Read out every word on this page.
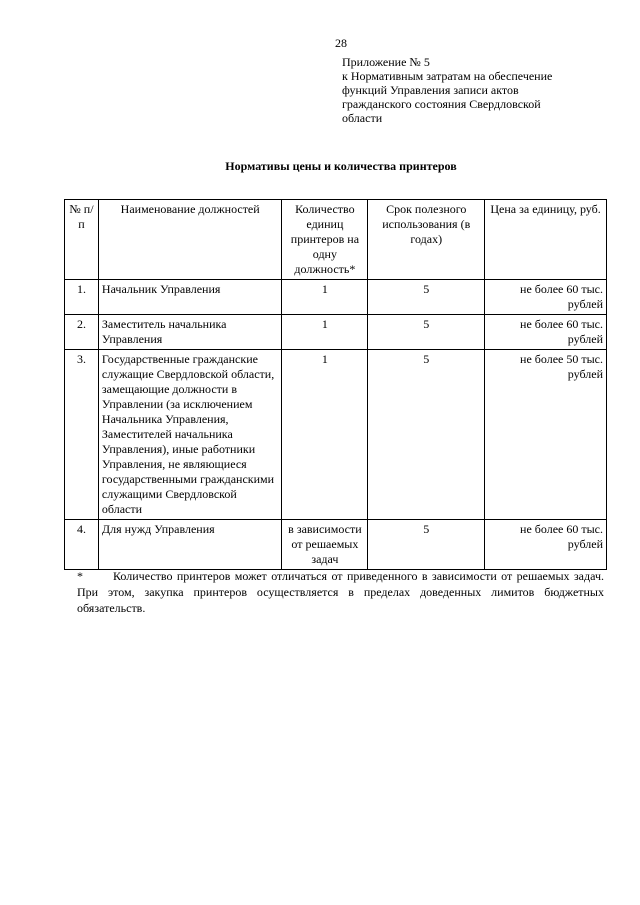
28
Приложение № 5
к Нормативным затратам на обеспечение
функций Управления записи актов
гражданского состояния Свердловской
области
Нормативы цены и количества принтеров
№ п/п	Наименование должностей	Количество единиц принтеров на одну должность*	Срок полезного использования (в годах)	Цена за единицу, руб.
1.	Начальник Управления	1	5	не более 60 тыс.
рублей

2.	Заместитель начальника Управления	1	5	не более 60 тыс.
рублей

3.	Государственные гражданские служащие Свердловской области, замещающие должности в Управлении (за исключением Начальника Управления, Заместителей начальника Управления), иные работники Управления, не являющиеся государственными гражданскими служащими Свердловской области	1	5	не более 50 тыс.
рублей

4.	Для нужд Управления	в зависимости от решаемых задач	5	не более 60 тыс.
рублей
*	Количество принтеров может отличаться от приведенного в зависимости от решаемых задач. При этом, закупка принтеров осуществляется в пределах доведенных лимитов бюджетных обязательств.
